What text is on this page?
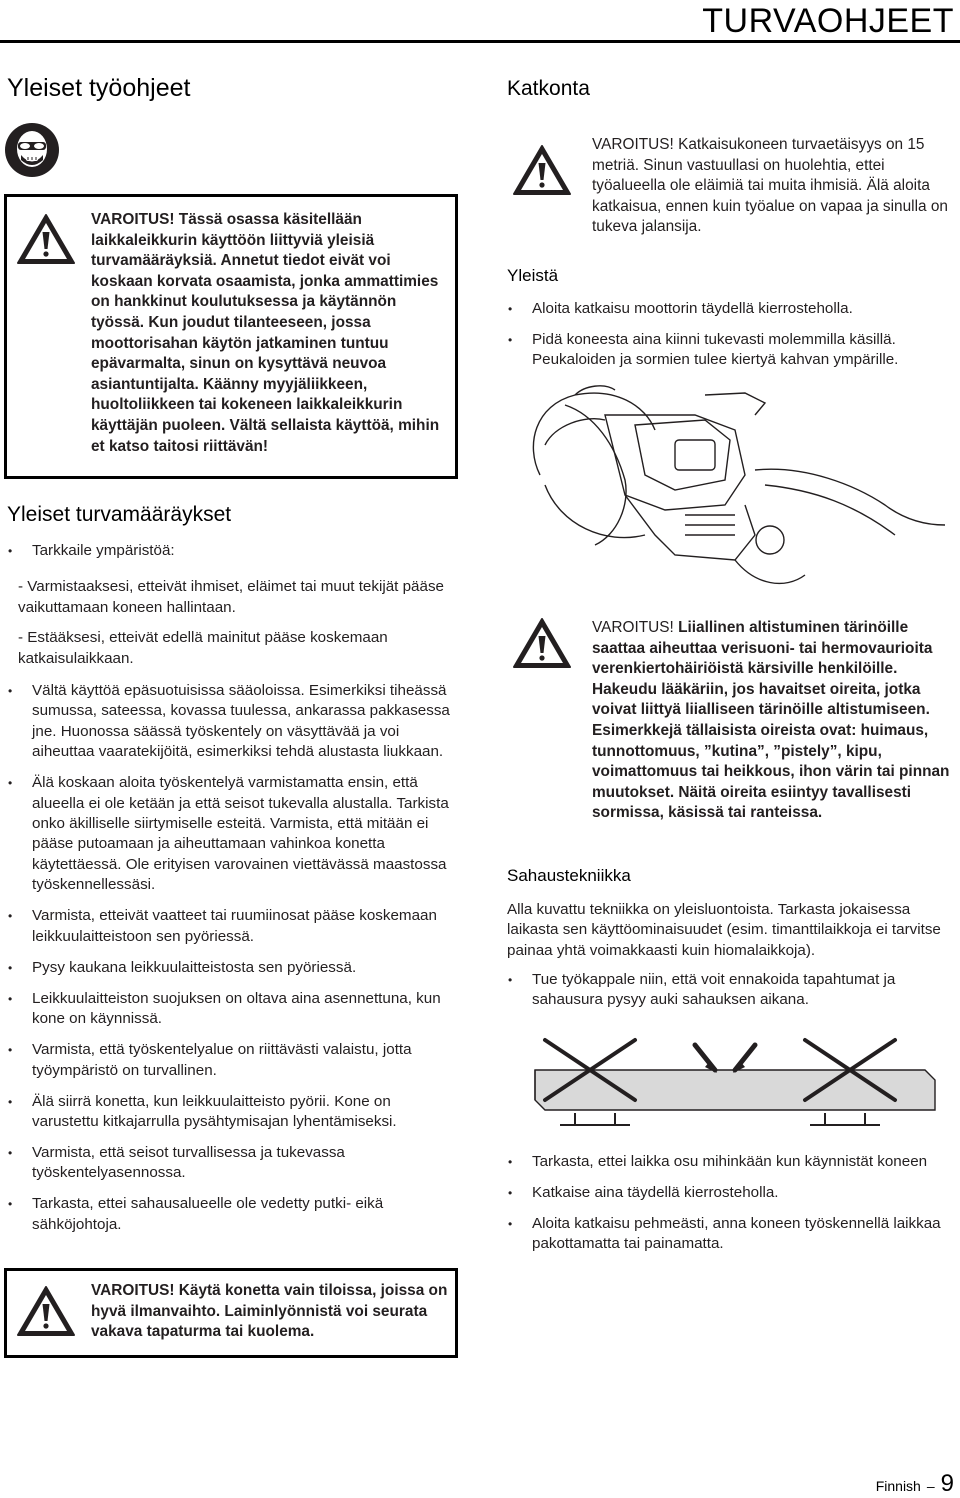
TURVAOHJEET
Yleiset työohjeet
VAROITUS! Tässä osassa käsitellään laikkaleikkurin käyttöön liittyviä yleisiä turvamääräyksiä. Annetut tiedot eivät voi koskaan korvata osaamista, jonka ammattimies on hankkinut koulutuksessa ja käytännön työssä. Kun joudut tilanteeseen, jossa moottorisahan käytön jatkaminen tuntuu epävarmalta, sinun on kysyttävä neuvoa asiantuntijalta. Käänny myyjäliikkeen, huoltoliikkeen tai kokeneen laikkaleikkurin käyttäjän puoleen. Vältä sellaista käyttöä, mihin et katso taitosi riittävän!
Yleiset turvamääräykset
• Tarkkaile ympäristöä:
- Varmistaaksesi, etteivät ihmiset, eläimet tai muut tekijät pääse vaikuttamaan koneen hallintaan.
- Estääksesi, etteivät edellä mainitut pääse koskemaan katkaisulaikkaan.
• Vältä käyttöä epäsuotuisissa sääoloissa. Esimerkiksi tiheässä sumussa, sateessa, kovassa tuulessa, ankarassa pakkasessa jne. Huonossa säässä työskentely on väsyttävää ja voi aiheuttaa vaaratekijöitä, esimerkiksi tehdä alustasta liukkaan.
• Älä koskaan aloita työskentelyä varmistamatta ensin, että alueella ei ole ketään ja että seisot tukevalla alustalla. Tarkista onko äkilliselle siirtymiselle esteitä. Varmista, että mitään ei pääse putoamaan ja aiheuttamaan vahinkoa konetta käytettäessä. Ole erityisen varovainen viettävässä maastossa työskennellessäsi.
• Varmista, etteivät vaatteet tai ruumiinosat pääse koskemaan leikkuulaitteistoon sen pyöriessä.
• Pysy kaukana leikkuulaitteistosta sen pyöriessä.
• Leikkuulaitteiston suojuksen on oltava aina asennettuna, kun kone on käynnissä.
• Varmista, että työskentelyalue on riittävästi valaistu, jotta työympäristö on turvallinen.
• Älä siirrä konetta, kun leikkuulaitteisto pyörii. Kone on varustettu kitkajarrulla pysähtymisajan lyhentämiseksi.
• Varmista, että seisot turvallisessa ja tukevassa työskentelyasennossa.
• Tarkasta, ettei sahausalueelle ole vedetty putki- eikä sähköjohtoja.
VAROITUS! Käytä konetta vain tiloissa, joissa on hyvä ilmanvaihto. Laiminlyönnistä voi seurata vakava tapaturma tai kuolema.
Katkonta
VAROITUS! Katkaisukoneen turvaetäisyys on 15 metriä. Sinun vastuullasi on huolehtia, ettei työalueella ole eläimiä tai muita ihmisiä. Älä aloita katkaisua, ennen kuin työalue on vapaa ja sinulla on tukeva jalansija.
Yleistä
• Aloita katkaisu moottorin täydellä kierrosteholla.
• Pidä koneesta aina kiinni tukevasti molemmilla käsillä. Peukaloiden ja sormien tulee kiertyä kahvan ympärille.
VAROITUS! Liiallinen altistuminen tärinöille saattaa aiheuttaa verisuoni- tai hermovaurioita verenkiertohäiriöistä kärsiville henkilöille. Hakeudu lääkäriin, jos havaitset oireita, jotka voivat liittyä liialliseen tärinöille altistumiseen. Esimerkkejä tällaisista oireista ovat: huimaus, tunnottomuus, ”kutina”, ”pistely”, kipu, voimattomuus tai heikkous, ihon värin tai pinnan muutokset. Näitä oireita esiintyy tavallisesti sormissa, käsissä tai ranteissa.
Sahaustekniikka
Alla kuvattu tekniikka on yleisluontoista. Tarkasta jokaisessa laikasta sen käyttöominaisuudet (esim. timanttilaikkoja ei tarvitse painaa yhtä voimakkaasti kuin hiomalaikkoja).
• Tue työkappale niin, että voit ennakoida tapahtumat ja sahausura pysyy auki sahauksen aikana.
• Tarkasta, ettei laikka osu mihinkään kun käynnistät koneen
• Katkaise aina täydellä kierrosteholla.
• Aloita katkaisu pehmeästi, anna koneen työskennellä laikkaa pakottamatta tai painamatta.
Finnish – 9
